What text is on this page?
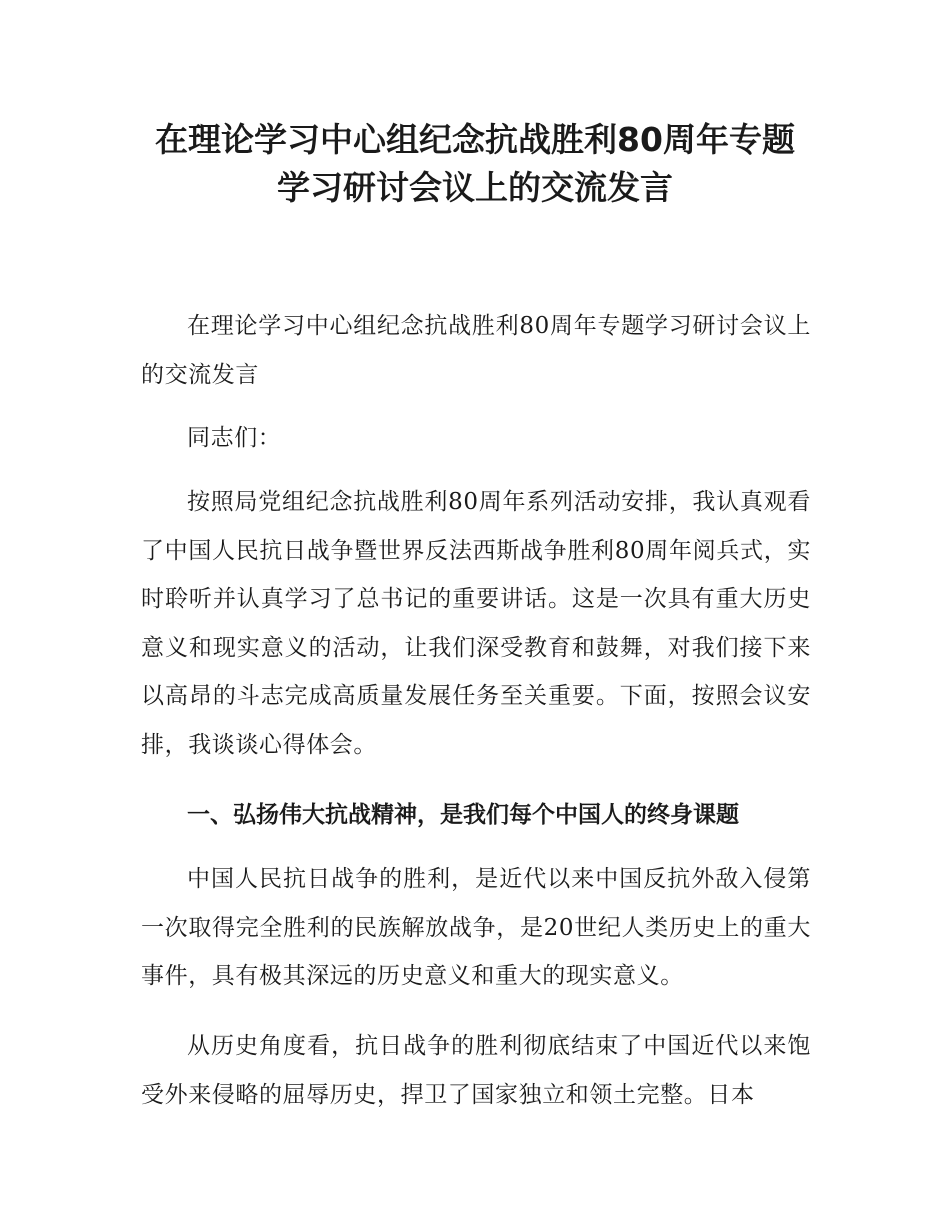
在理论学习中心组纪念抗战胜利80周年专题
学习研讨会议上的交流发言

在理论学习中心组纪念抗战胜利80周年专题学习研讨会议上的交流发言

同志们：

按照局党组纪念抗战胜利80周年系列活动安排，我认真观看了中国人民抗日战争暨世界反法西斯战争胜利80周年阅兵式，实时聆听并认真学习了总书记的重要讲话。这是一次具有重大历史意义和现实意义的活动，让我们深受教育和鼓舞，对我们接下来以高昂的斗志完成高质量发展任务至关重要。下面，按照会议安排，我谈谈心得体会。

一、弘扬伟大抗战精神，是我们每个中国人的终身课题

中国人民抗日战争的胜利，是近代以来中国反抗外敌入侵第一次取得完全胜利的民族解放战争，是20世纪人类历史上的重大事件，具有极其深远的历史意义和重大的现实意义。

从历史角度看，抗日战争的胜利彻底结束了中国近代以来饱受外来侵略的屈辱历史，捍卫了国家独立和领土完整。日本
